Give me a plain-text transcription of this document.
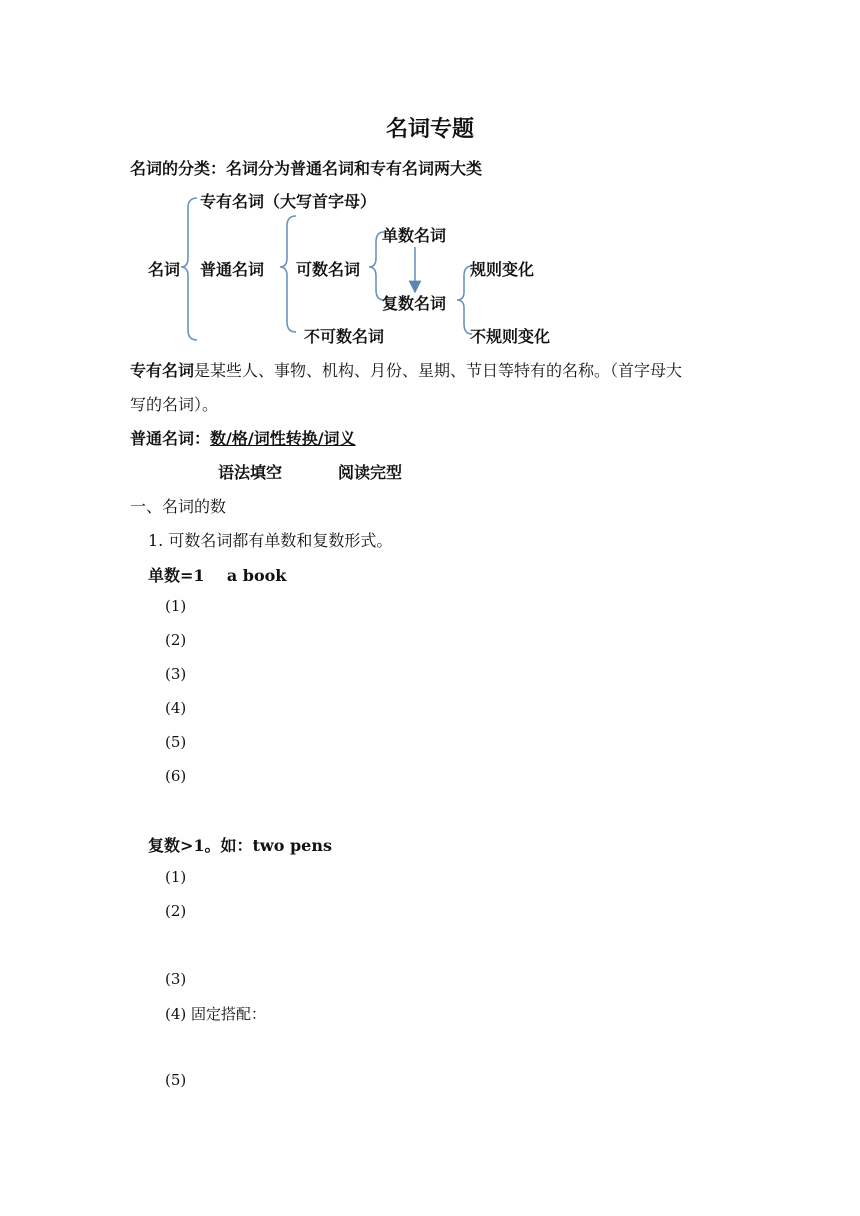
名词专题
名词的分类：名词分为普通名词和专有名词两大类
专有名词（大写首字母）
名词 普通名词 可数名词
不可数名词
单数名词
复数名词
规则变化
不规则变化
专有名词是某些人、事物、机构、月份、星期、节日等特有的名称。（首字母大
写的名词）。
普通名词：数/格/词性转换/词义
语法填空	阅读完型
一、名词的数
1. 可数名词都有单数和复数形式。
单数=1 a book
(1)
(2)
(3)
(4)
(5)
(6)
复数>1。如：two pens
(1)
(2)
(3)
(4) 固定搭配：
(5)
